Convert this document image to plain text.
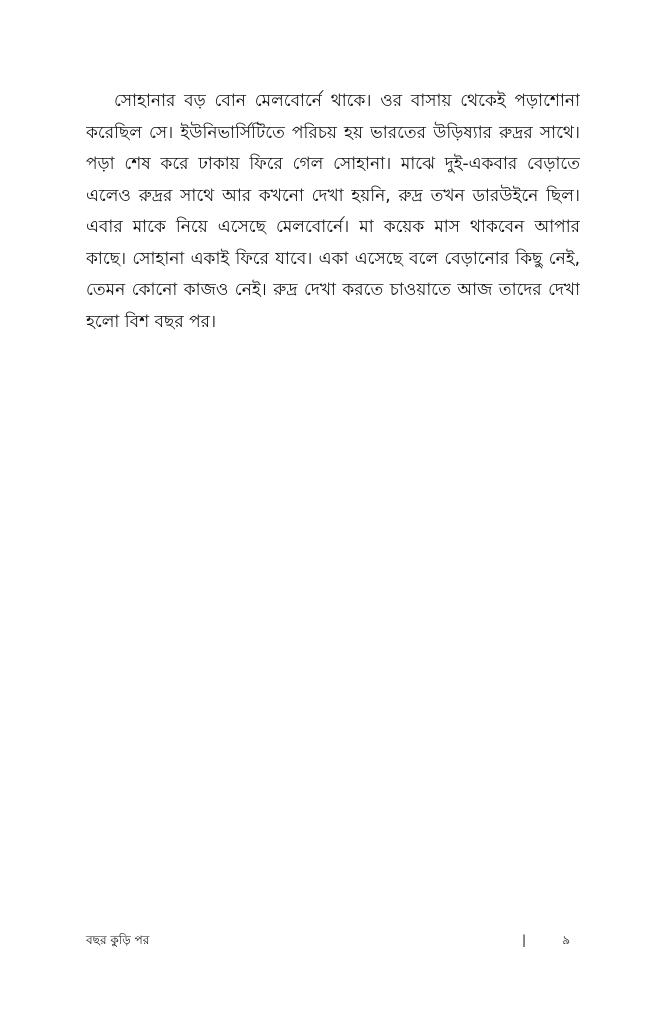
সোহানার বড় বোন মেলবোর্নে থাকে। ওর বাসায় থেকেই পড়াশোনা
করেছিল সে। ইউনিভার্সিটিতে পরিচয় হয় ভারতের উড়িষ্যার রুদ্রর সাথে।
পড়া শেষ করে ঢাকায় ফিরে গেল সোহানা। মাঝে দুই-একবার বেড়াতে
এলেও রুদ্রর সাথে আর কখনো দেখা হয়নি, রুদ্র তখন ডারউইনে ছিল।
এবার মাকে নিয়ে এসেছে মেলবোর্নে। মা কয়েক মাস থাকবেন আপার
কাছে। সোহানা একাই ফিরে যাবে। একা এসেছে বলে বেড়ানোর কিছু নেই,
তেমন কোনো কাজও নেই। রুদ্র দেখা করতে চাওয়াতে আজ তাদের দেখা
হলো বিশ বছর পর।
বছর কুড়ি পর	|	৯
